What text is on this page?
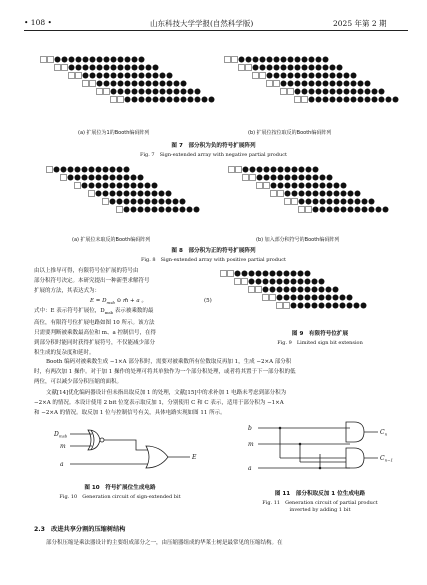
• 108 •	山东科技大学学报(自然科学版)	2025 年第 2 期
(a) 扩展位为1的Booth编码阵列	(b) 扩展位按位取反的Booth编码阵列
图 7　部分积为负的符号扩展阵列
Fig. 7　Sign-extended array with negative partial product
(a) 扩展位未取反的Booth编码阵列	(b) 加入部分积符号的Booth编码阵列
图 8　部分积为正的符号扩展阵列
Fig. 8　Sign-extended array with positive partial product
由以上推导可得，有限符号位扩展的符号由
部分积符号决定。本研究提出一种新型求解符号
扩展的方法，其表达式为：
$E = D_{msb}$ ⊙ m̄ + a 。	(5)
式中：E 表示符号扩展位，$D_{msb}$ 表示被乘数的最
高位，有限符号位扩展电路如图 10 所示。该方法
只需要判断被乘数最高位和 m、a 控制信号，在得
到部分积时能同时获得扩展符号，不仅能减少部分
积生成的复杂度和延时。
图 9　有限符号位扩展
Fig. 9　Limited sign bit extension
Booth 编码对被乘数生成 −1×A 部分积时，需要对被乘数所有位数取反再加 1，生成 −2×A 部分积
时，有两次加 1 操作。对于加 1 操作的处理可将其单独作为一个部分积处理，或者将其置于下一部分积的低
两位，可以减少部分积压缩的面积。
文献[14]优化编码器设计但未指出取反加 1 的处理，文献[15]中的求补加 1 电路未考虑到部分积为
−2×A 的情况。本设计使用 2 bit 位宽表示取反加 1，分别使用 C 和 C 表示，适用于部分积为 −1×A
和 −2×A 的情况。取反加 1 位与控制信号有关，具体电路实现如图 11 所示。
$D_{msb}$
m
a
E
图 10　符号扩展位生成电路
Fig. 10　Generation circuit of sign-extended bit
b
m
a
$C_n$
$C_{n-1}$
图 11　部分积取反加 1 位生成电路
Fig. 11　Generation circuit of partial product
inverted by adding 1 bit
2.3　改进共享分割的压缩树结构
部分积压缩是乘法器设计的主要组成部分之一，由压缩器组成的华莱士树是最常见的压缩结构。在
